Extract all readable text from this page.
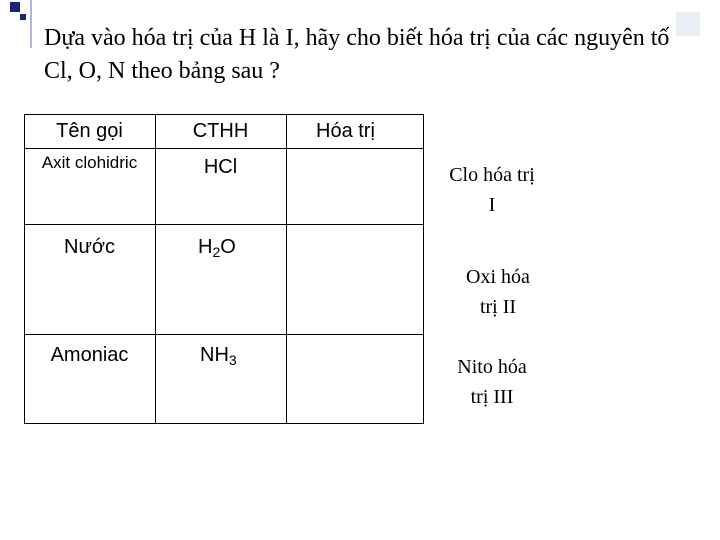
Dựa vào hóa trị của H là I, hãy cho biết hóa trị của các nguyên tố Cl, O, N theo bảng sau ?
Tên gọi	CTHH	Hóa trị
Axit clohidric	HCl
Nước	$H_2O$
Amoniac	$NH_3$
Clo hóa trị
I
Oxi hóa
trị II
Nito hóa
trị III
